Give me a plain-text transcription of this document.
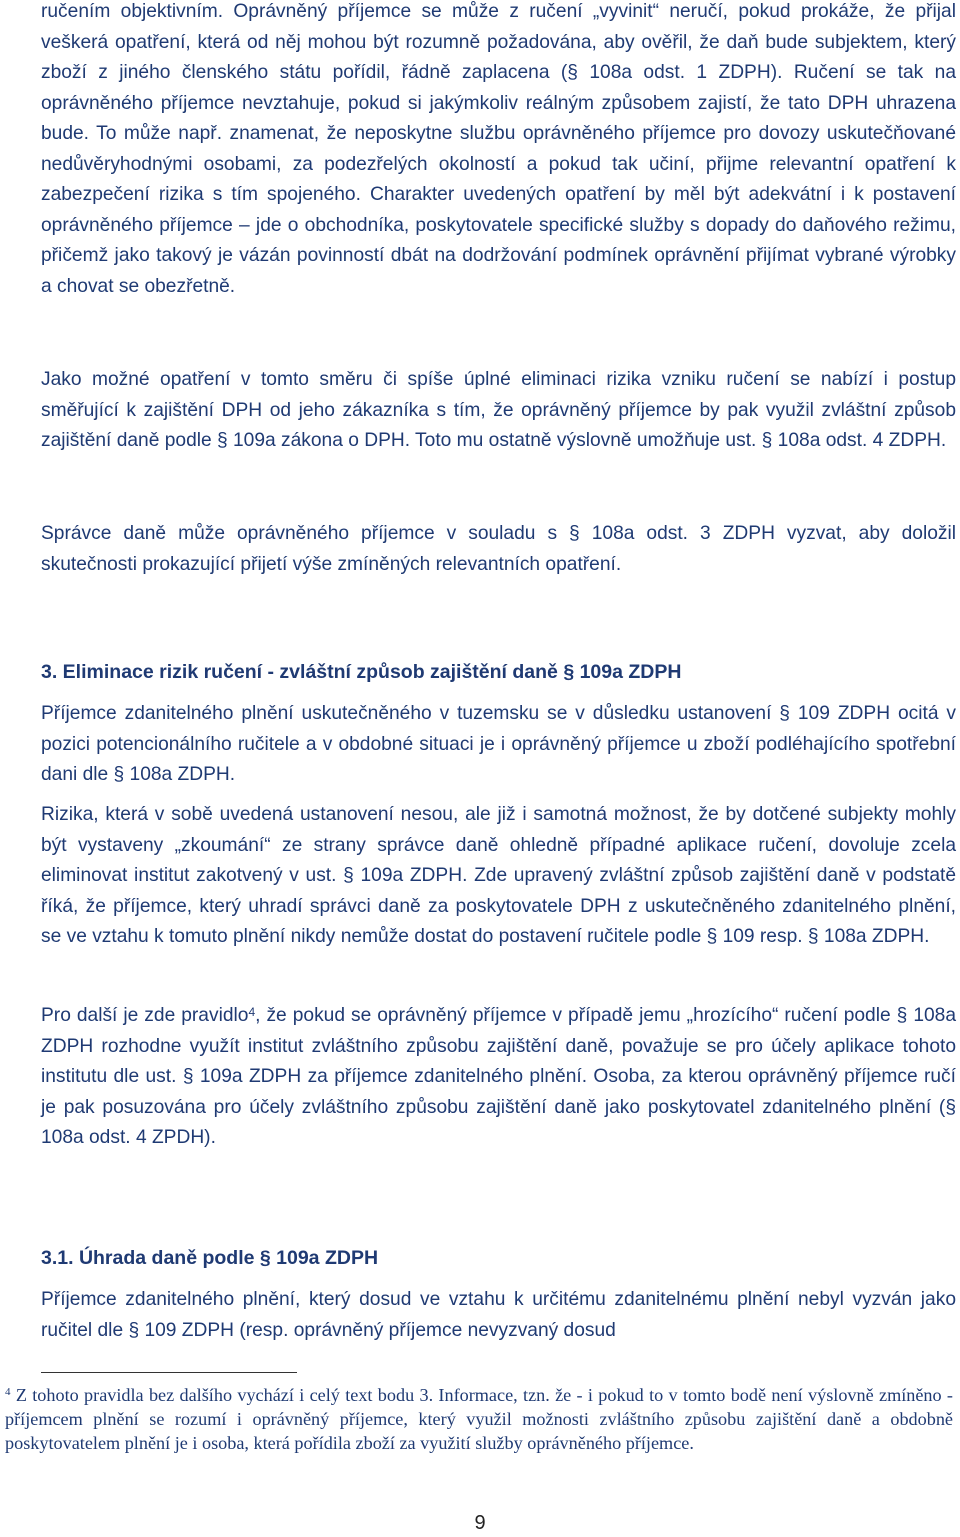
ručením objektivním. Oprávněný příjemce se může z ručení „vyvinit“ neručí, pokud prokáže, že přijal veškerá opatření, která od něj mohou být rozumně požadována, aby ověřil, že daň bude subjektem, který zboží z jiného členského státu pořídil, řádně zaplacena (§ 108a odst. 1 ZDPH). Ručení se tak na oprávněného příjemce nevztahuje, pokud si jakýmkoliv reálným způsobem zajistí, že tato DPH uhrazena bude. To může např. znamenat, že neposkytne službu oprávněného příjemce pro dovozy uskutečňované nedůvěryhodnými osobami, za podezřelých okolností a pokud tak učiní, přijme relevantní opatření k zabezpečení rizika s tím spojeného. Charakter uvedených opatření by měl být adekvátní i k postavení oprávněného příjemce – jde o obchodníka, poskytovatele specifické služby s dopady do daňového režimu, přičemž jako takový je vázán povinností dbát na dodržování podmínek oprávnění přijímat vybrané výrobky a chovat se obezřetně.

Jako možné opatření v tomto směru či spíše úplné eliminaci rizika vzniku ručení se nabízí i postup směřující k zajištění DPH od jeho zákazníka s tím, že oprávněný příjemce by pak využil zvláštní způsob zajištění daně podle § 109a zákona o DPH. Toto mu ostatně výslovně umožňuje ust. § 108a odst. 4 ZDPH.

Správce daně může oprávněného příjemce v souladu s § 108a odst. 3 ZDPH vyzvat, aby doložil skutečnosti prokazující přijetí výše zmíněných relevantních opatření.

3. Eliminace rizik ručení - zvláštní způsob zajištění daně § 109a ZDPH

Příjemce zdanitelného plnění uskutečněného v tuzemsku se v důsledku ustanovení § 109 ZDPH ocitá v pozici potencionálního ručitele a v obdobné situaci je i oprávněný příjemce u zboží podléhajícího spotřební dani dle § 108a ZDPH.

Rizika, která v sobě uvedená ustanovení nesou, ale již i samotná možnost, že by dotčené subjekty mohly být vystaveny „zkoumání“ ze strany správce daně ohledně případné aplikace ručení, dovoluje zcela eliminovat institut zakotvený v ust. § 109a ZDPH. Zde upravený zvláštní způsob zajištění daně v podstatě říká, že příjemce, který uhradí správci daně za poskytovatele DPH z uskutečněného zdanitelného plnění, se ve vztahu k tomuto plnění nikdy nemůže dostat do postavení ručitele podle § 109 resp. § 108a ZDPH.

Pro další je zde pravidlo$^4$, že pokud se oprávněný příjemce v případě jemu „hrozícího“ ručení podle § 108a ZDPH rozhodne využít institut zvláštního způsobu zajištění daně, považuje se pro účely aplikace tohoto institutu dle ust. § 109a ZDPH za příjemce zdanitelného plnění. Osoba, za kterou oprávněný příjemce ručí je pak posuzována pro účely zvláštního způsobu zajištění daně jako poskytovatel zdanitelného plnění (§ 108a odst. 4 ZPDH).

3.1. Úhrada daně podle § 109a ZDPH

Příjemce zdanitelného plnění, který dosud ve vztahu k určitému zdanitelnému plnění nebyl vyzván jako ručitel dle § 109 ZDPH (resp. oprávněný příjemce nevyzvaný dosud

$^4$ Z tohoto pravidla bez dalšího vychází i celý text bodu 3. Informace, tzn. že - i pokud to v tomto bodě není výslovně zmíněno - příjemcem plnění se rozumí i oprávněný příjemce, který využil možnosti zvláštního způsobu zajištění daně a obdobně poskytovatelem plnění je i osoba, která pořídila zboží za využití služby oprávněného příjemce.
9
